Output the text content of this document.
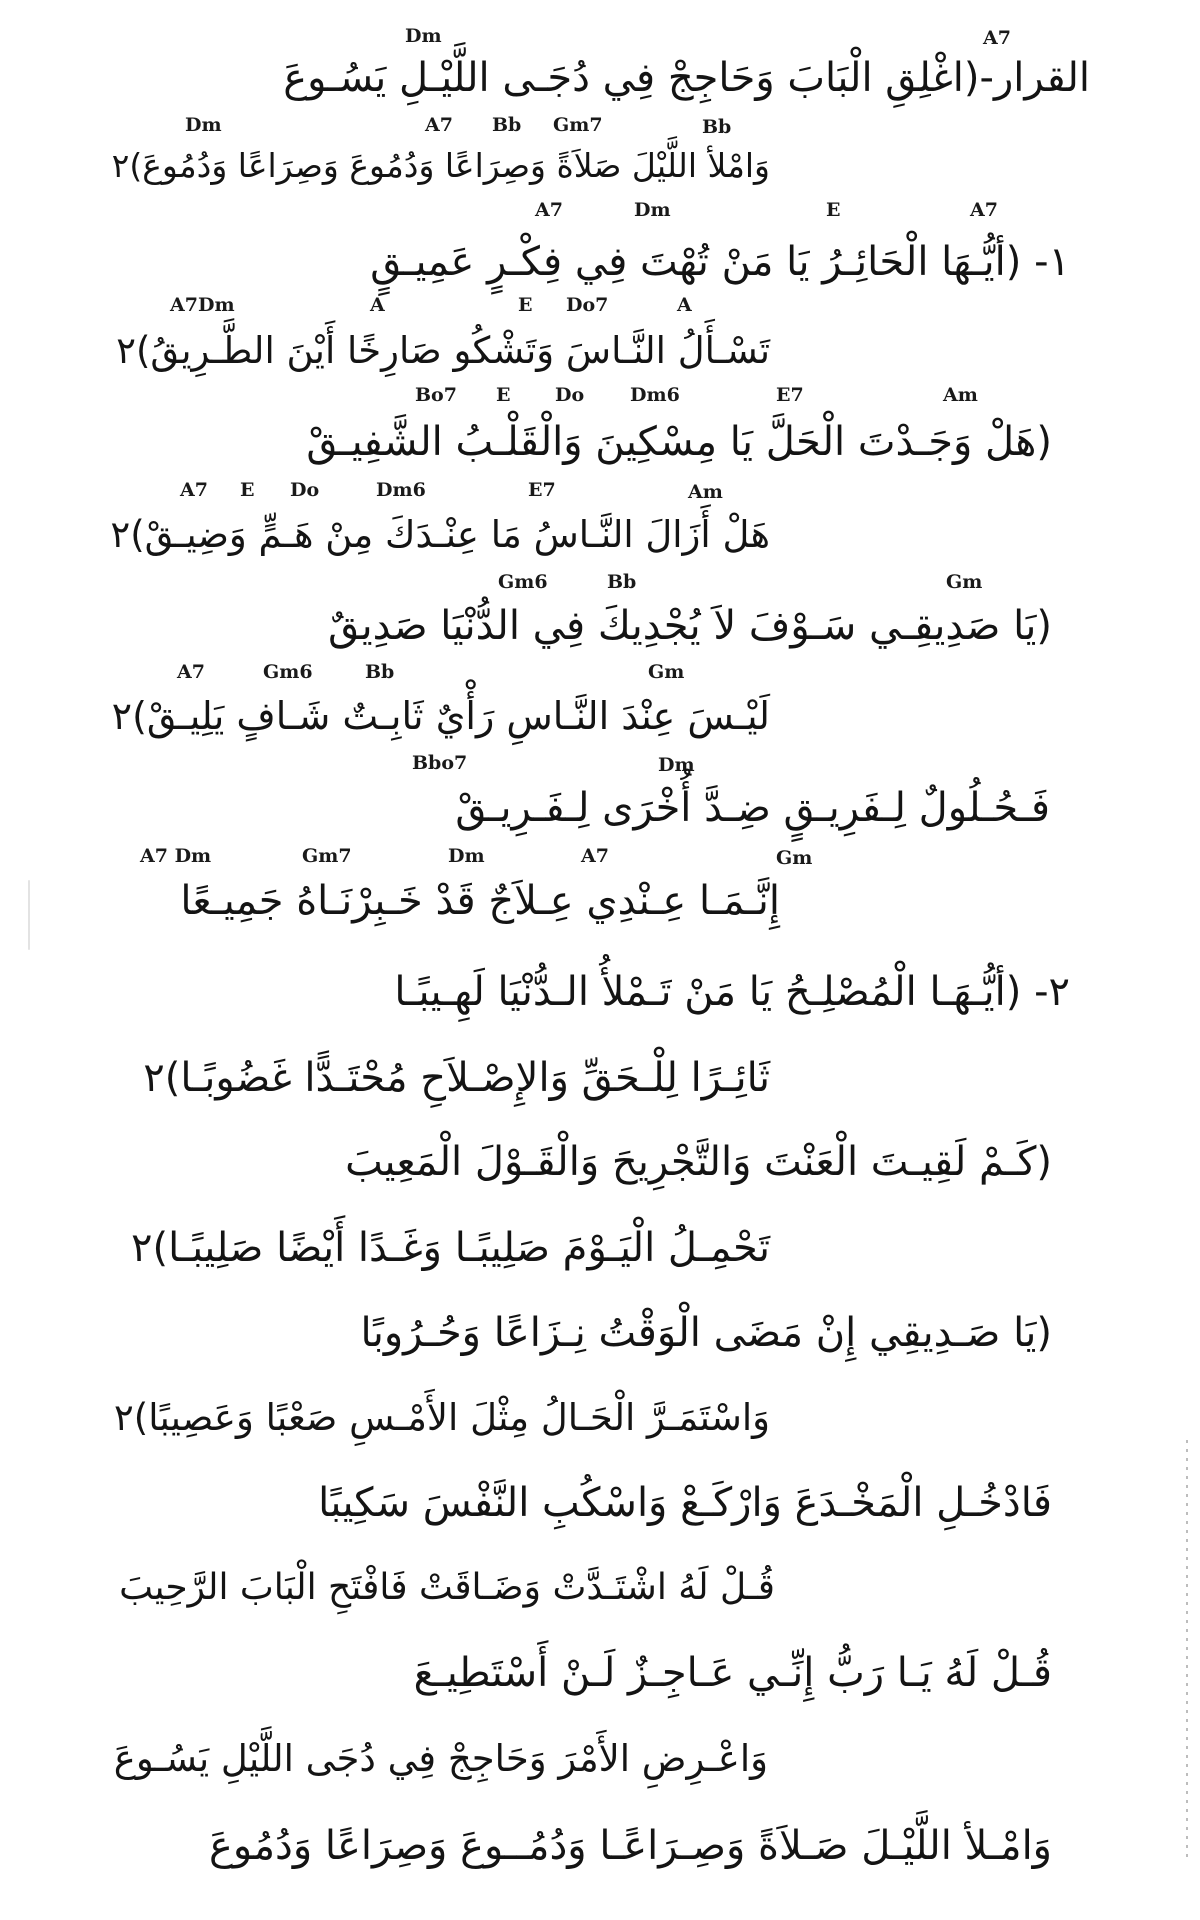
Dm	A7
القرار-(اغْلِقِ الْبَابَ وَحَاجِجْ فِي دُجَـى اللَّيْـلِ يَسُـوعَ
Dm	A7 Bb Gm7	Bb
وَامْلأ اللَّيْلَ صَلاَةً وَصِرَاعًا وَدُمُوعَ وَصِرَاعًا وَدُمُوعَ)٢
A7	Dm	E	A7
١- (أيُّـهَا الْحَائِـرُ يَا مَنْ تُهْتَ فِي فِكْـرٍ عَمِيـقٍ
A7Dm	A	E Do7	A
تَسْـأَلُ النَّـاسَ وَتَشْكُو صَارِخًا أَيْنَ الطَّـرِيقُ)٢
Bo7 E Do Dm6	E7	Am
(هَلْ وَجَـدْتَ الْحَلَّ يَا مِسْكِينَ وَالْقَلْـبُ الشَّفِيـقْ
A7 E Do	Dm6	E7	Am
هَلْ أَزَالَ النَّـاسُ مَا عِنْـدَكَ مِنْ هَـمٍّ وَضِيـقْ)٢
Gm6	Bb	Gm
(يَا صَدِيقِـي سَـوْفَ لاَ يُجْدِيكَ فِي الدُّنْيَا صَدِيقٌ
A7	Gm6	Bb	Gm
لَيْـسَ عِنْدَ النَّـاسِ رَأْيٌ ثَابِـتٌ شَـافٍ يَلِيـقْ)٢
Bbo7	Dm
فَـحُـلُولٌ لِـفَرِيـقٍ ضِـدَّ أُخْرَى لِـفَـرِيـقْ
A7 Dm	Gm7	Dm	A7	Gm
إِنَّـمَـا عِـنْدِي عِـلاَجٌ قَدْ خَـبِرْنَـاهُ جَمِيـعًا
٢- (أيُّـهَـا الْمُصْلِـحُ يَا مَنْ تَـمْلأُ الـدُّنْيَا لَهِـيبًـا
ثَائِـرًا لِلْـحَقِّ وَالإِصْـلاَحِ مُحْتَـدًّا غَضُوبًـا)٢
(كَـمْ لَقِيـتَ الْعَنْتَ وَالتَّجْرِيحَ وَالْقَـوْلَ الْمَعِيبَ
تَحْمِـلُ الْيَـوْمَ صَلِيبًـا وَغَـدًا أَيْضًا صَلِيبًـا)٢
(يَا صَـدِيقِي إِنْ مَضَى الْوَقْتُ نِـزَاعًا وَحُـرُوبًا
وَاسْتَمَـرَّ الْحَـالُ مِثْلَ الأَمْـسِ صَعْبًا وَعَصِيبًا)٢
فَادْخُـلِ الْمَخْـدَعَ وَارْكَـعْ وَاسْكُبِ النَّفْسَ سَكِيبًا
قُـلْ لَهُ اشْتَـدَّتْ وَضَـاقَتْ فَافْتَحِ الْبَابَ الرَّحِيبَ
قُـلْ لَهُ يَـا رَبُّ إِنِّـي عَـاجِـزٌ لَـنْ أَسْتَطِيـعَ
وَاعْـرِضِ الأَمْرَ وَحَاجِجْ فِي دُجَى اللَّيْلِ يَسُـوعَ
وَامْـلأ اللَّيْـلَ صَـلاَةً وَصِـرَاعًـا وَدُمُــوعَ وَصِرَاعًا وَدُمُوعَ
